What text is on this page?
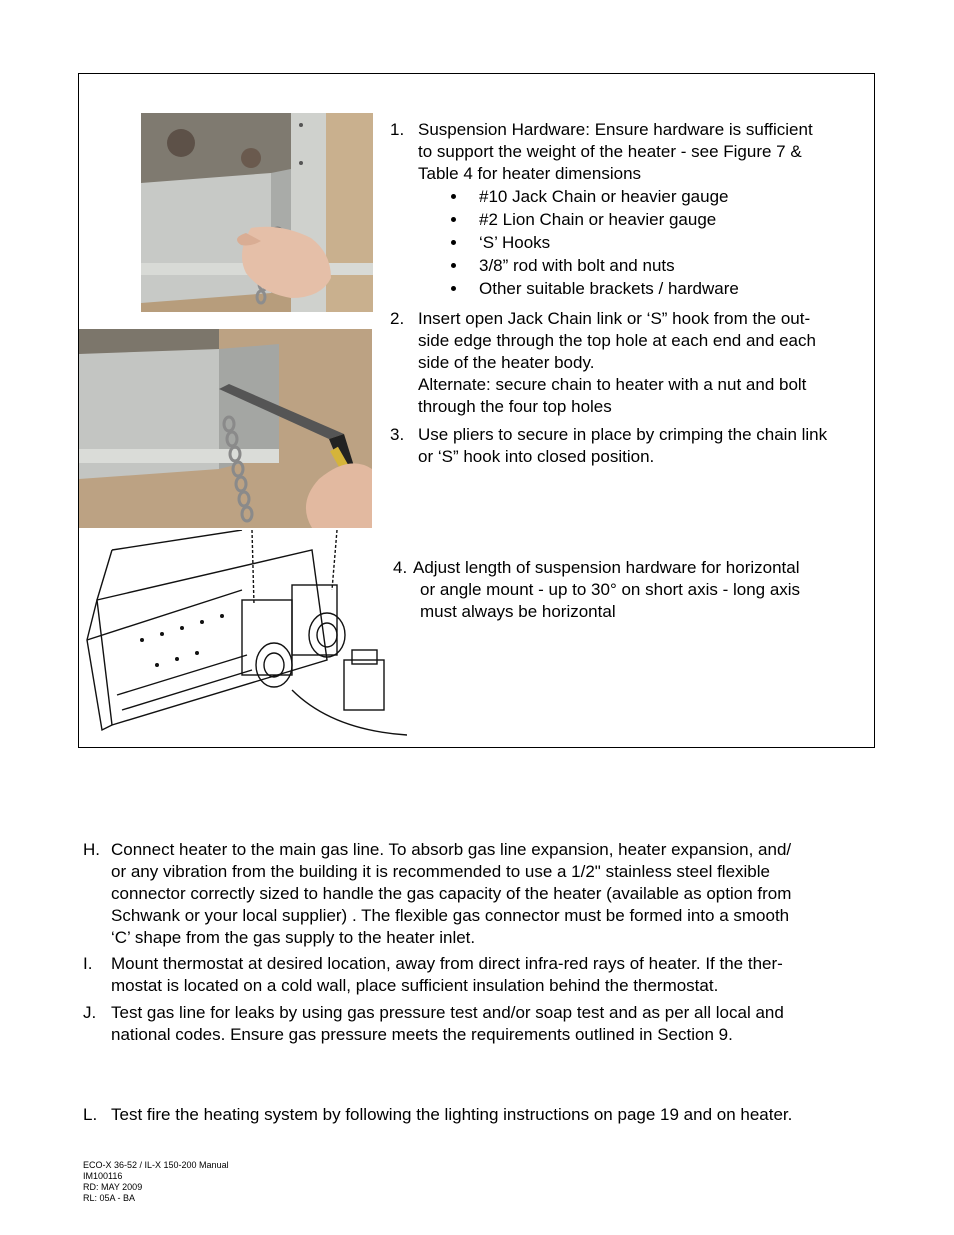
1. Suspension Hardware: Ensure hardware is sufficient
to support the weight of the heater - see Figure 7 &
Table 4 for heater dimensions
#10 Jack Chain or heavier gauge
#2 Lion Chain or heavier gauge
‘S’ Hooks
3/8” rod with bolt and nuts
Other suitable brackets / hardware
2. Insert open Jack Chain link or ‘S” hook from the out-
side edge through the top hole at each end and each
side of the heater body.
Alternate: secure chain to heater with a nut and bolt
through the four top holes
3. Use pliers to secure in place by crimping the chain link
or ‘S” hook into closed position.
4. Adjust length of suspension hardware for horizontal
or angle mount - up to 30° on short axis - long axis
must always be horizontal
H. Connect heater to the main gas line. To absorb gas line expansion, heater expansion, and/
or any vibration from the building it is recommended to use a 1/2" stainless steel flexible
connector correctly sized to handle the gas capacity of the heater (available as option from
Schwank or your local supplier) . The flexible gas connector must be formed into a smooth
‘C’ shape from the gas supply to the heater inlet.
I. Mount thermostat at desired location, away from direct infra-red rays of heater. If the ther-
mostat is located on a cold wall, place sufficient insulation behind the thermostat.
J. Test gas line for leaks by using gas pressure test and/or soap test and as per all local and
national codes. Ensure gas pressure meets the requirements outlined in Section 9.
L. Test fire the heating system by following the lighting instructions on page 19 and on heater.
ECO-X 36-52 / IL-X 150-200 Manual
IM100116
RD: MAY 2009
RL: 05A - BA
